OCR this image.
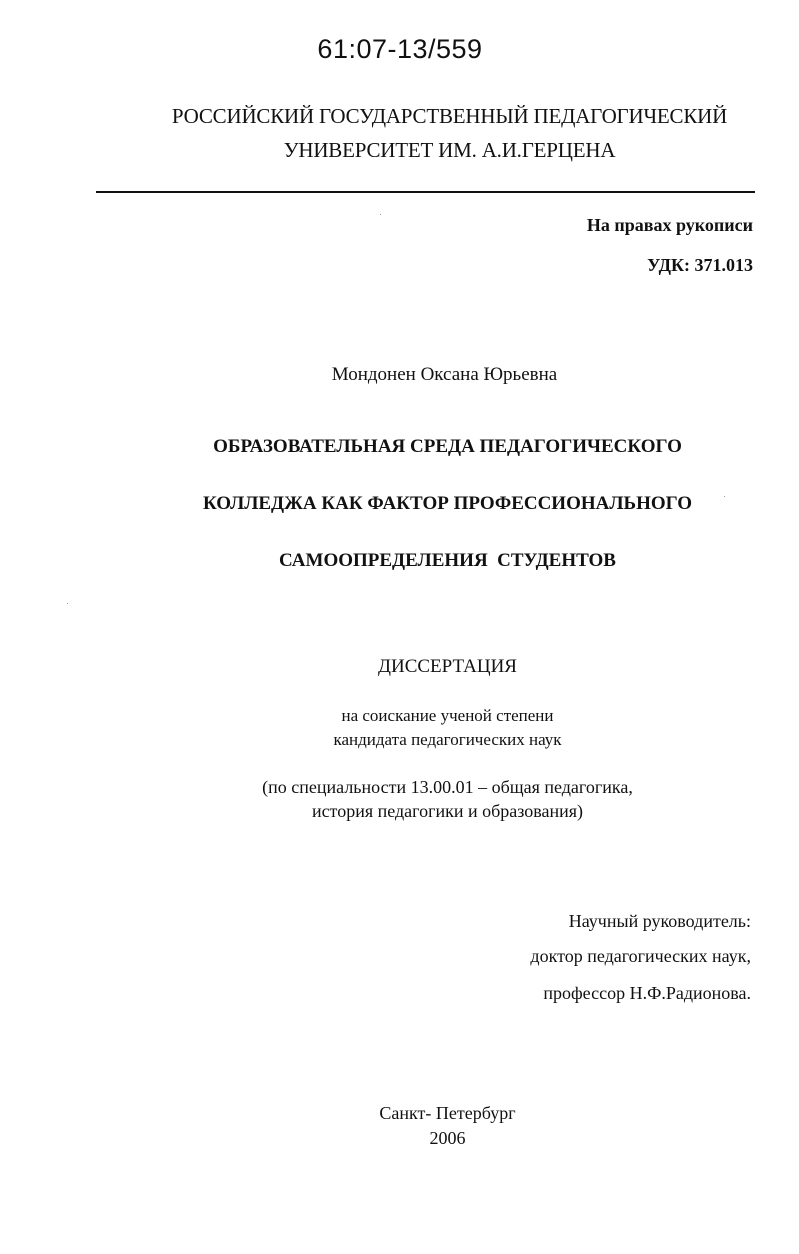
61:07-13/559
РОССИЙСКИЙ ГОСУДАРСТВЕННЫЙ ПЕДАГОГИЧЕСКИЙ
УНИВЕРСИТЕТ ИМ. А.И.ГЕРЦЕНА
На правах рукописи
УДК: 371.013
Мондонен Оксана Юрьевна
ОБРАЗОВАТЕЛЬНАЯ СРЕДА ПЕДАГОГИЧЕСКОГО
КОЛЛЕДЖА КАК ФАКТОР ПРОФЕССИОНАЛЬНОГО
САМООПРЕДЕЛЕНИЯ  СТУДЕНТОВ
ДИССЕРТАЦИЯ
на соискание ученой степени
кандидата педагогических наук
(по специальности 13.00.01 – общая педагогика,
история педагогики и образования)
Научный руководитель:
доктор педагогических наук,
профессор Н.Ф.Радионова.
Санкт- Петербург
2006
